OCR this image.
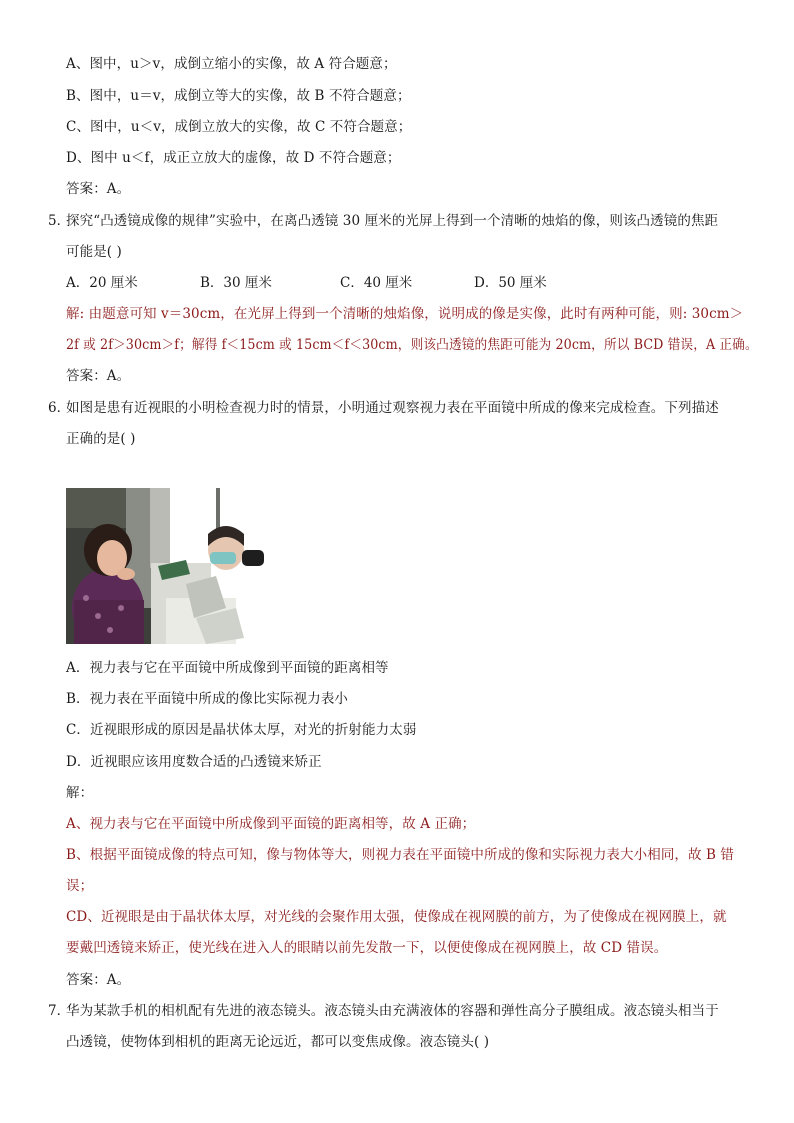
A、图中，u＞v，成倒立缩小的实像，故 A 符合题意；
B、图中，u＝v，成倒立等大的实像，故 B 不符合题意；
C、图中，u＜v，成倒立放大的实像，故 C 不符合题意；
D、图中 u＜f，成正立放大的虚像，故 D 不符合题意；
答案：A。
5．
探究“凸透镜成像的规律”实验中，在离凸透镜 30 厘米的光屏上得到一个清晰的烛焰的像，则该凸透镜的焦距
可能是( )
A．20 厘米	B．30 厘米	C．40 厘米	D．50 厘米
解: 由题意可知 v＝30cm，在光屏上得到一个清晰的烛焰像，说明成的像是实像，此时有两种可能，则: 30cm＞
2f 或 2f＞30cm＞f；解得 f＜15cm 或 15cm＜f＜30cm，则该凸透镜的焦距可能为 20cm，所以 BCD 错误，A 正确。
答案：A。
6．
如图是患有近视眼的小明检查视力时的情景，小明通过观察视力表在平面镜中所成的像来完成检查。下列描述
正确的是( )
A．视力表与它在平面镜中所成像到平面镜的距离相等
B．视力表在平面镜中所成的像比实际视力表小
C．近视眼形成的原因是晶状体太厚，对光的折射能力太弱
D．近视眼应该用度数合适的凸透镜来矫正
解：
A、视力表与它在平面镜中所成像到平面镜的距离相等，故 A 正确；
B、根据平面镜成像的特点可知，像与物体等大，则视力表在平面镜中所成的像和实际视力表大小相同，故 B 错
误；
CD、近视眼是由于晶状体太厚，对光线的会聚作用太强，使像成在视网膜的前方，为了使像成在视网膜上，就
要戴凹透镜来矫正，使光线在进入人的眼睛以前先发散一下，以便使像成在视网膜上，故 CD 错误。
答案：A。
7．
华为某款手机的相机配有先进的液态镜头。液态镜头由充满液体的容器和弹性高分子膜组成。液态镜头相当于
凸透镜，使物体到相机的距离无论远近，都可以变焦成像。液态镜头( )
